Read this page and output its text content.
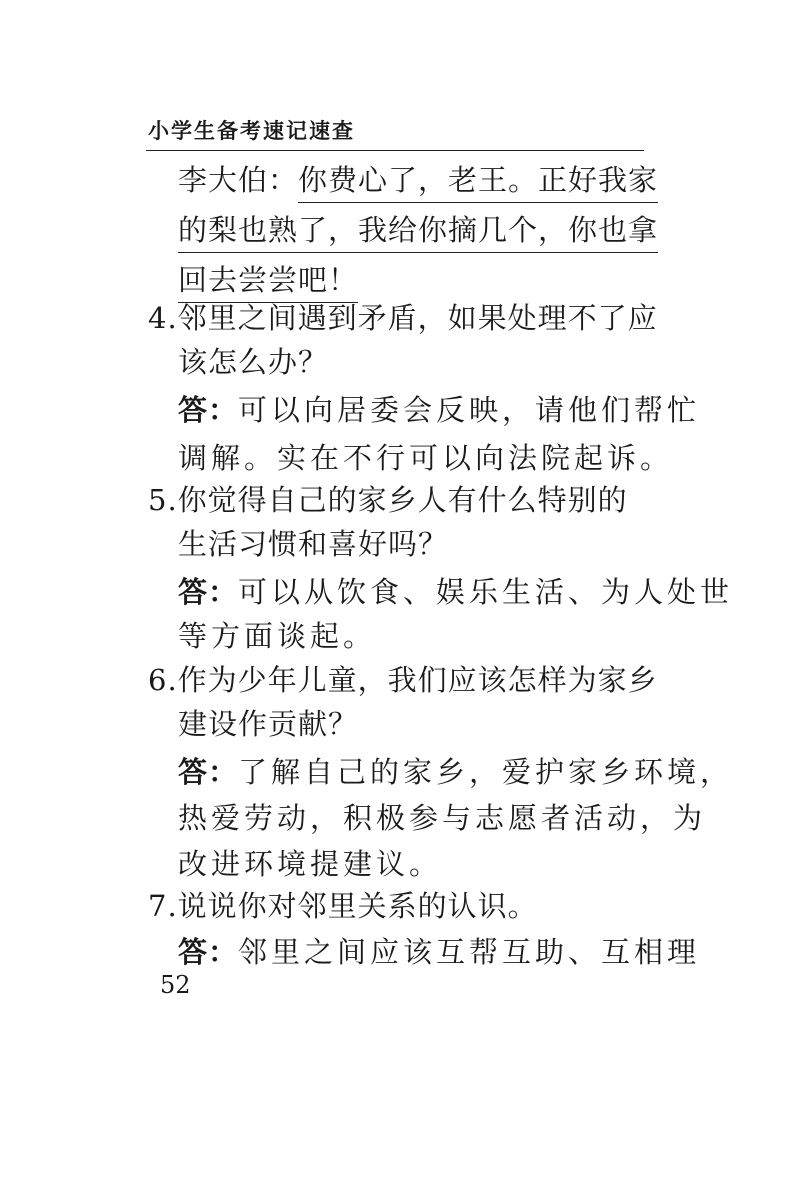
小学生备考速记速查
李大伯：你费心了，老王。正好我家
的梨也熟了，我给你摘几个，你也拿
回去尝尝吧！
4.邻里之间遇到矛盾，如果处理不了应
该怎么办？
答：可以向居委会反映，请他们帮忙
调解。实在不行可以向法院起诉。
5.你觉得自己的家乡人有什么特别的
生活习惯和喜好吗？
答：可以从饮食、娱乐生活、为人处世
等方面谈起。
6.作为少年儿童，我们应该怎样为家乡
建设作贡献？
答：了解自己的家乡，爱护家乡环境，
热爱劳动，积极参与志愿者活动，为
改进环境提建议。
7.说说你对邻里关系的认识。
答：邻里之间应该互帮互助、互相理
52
